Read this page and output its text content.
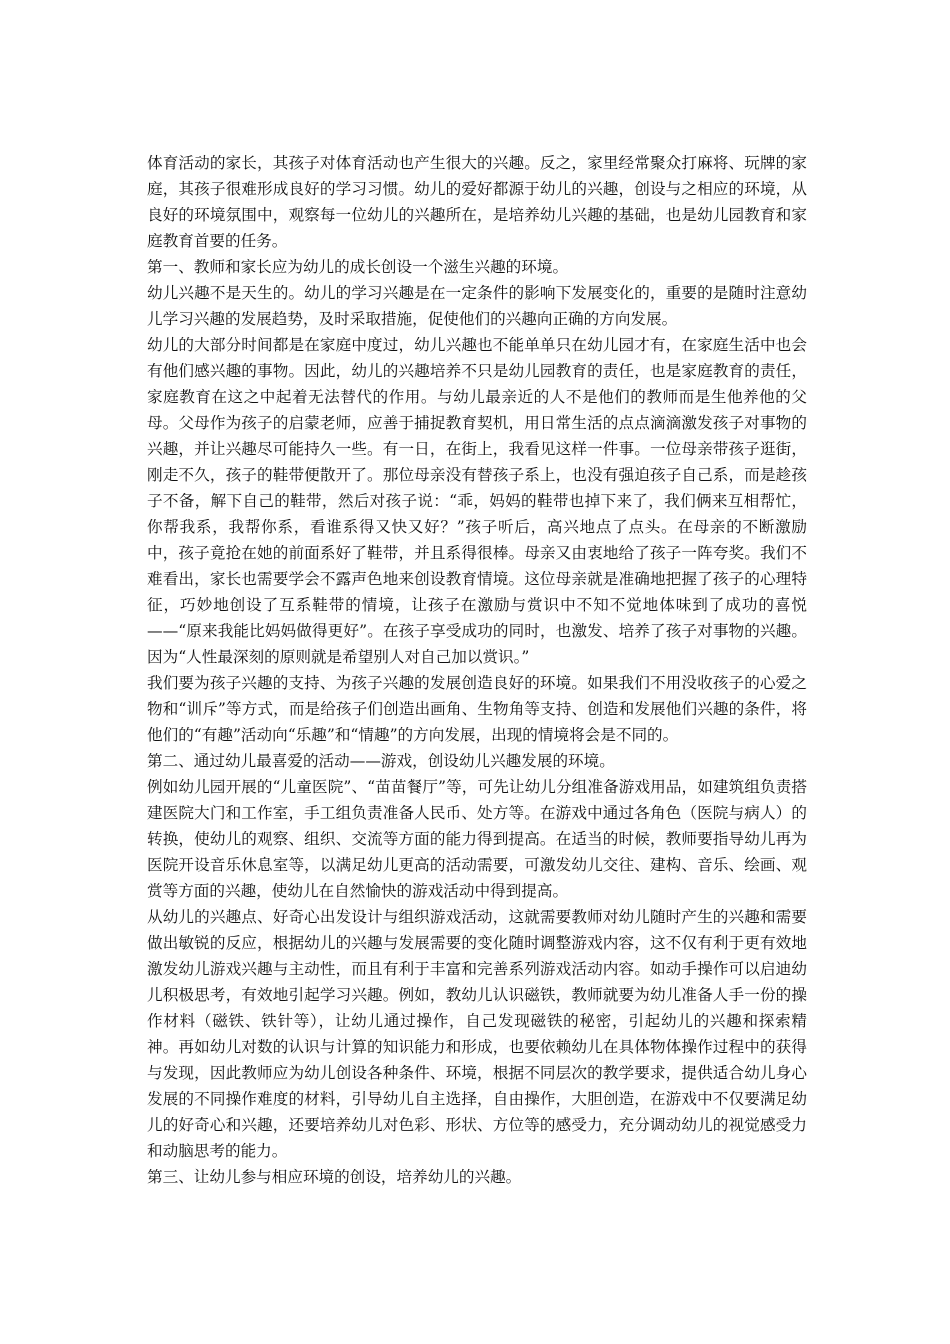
体育活动的家长，其孩子对体育活动也产生很大的兴趣。反之，家里经常聚众打麻将、玩牌的家庭，其孩子很难形成良好的学习习惯。幼儿的爱好都源于幼儿的兴趣，创设与之相应的环境，从良好的环境氛围中，观察每一位幼儿的兴趣所在，是培养幼儿兴趣的基础，也是幼儿园教育和家庭教育首要的任务。

第一、教师和家长应为幼儿的成长创设一个滋生兴趣的环境。

幼儿兴趣不是天生的。幼儿的学习兴趣是在一定条件的影响下发展变化的，重要的是随时注意幼儿学习兴趣的发展趋势，及时采取措施，促使他们的兴趣向正确的方向发展。

幼儿的大部分时间都是在家庭中度过，幼儿兴趣也不能单单只在幼儿园才有，在家庭生活中也会有他们感兴趣的事物。因此，幼儿的兴趣培养不只是幼儿园教育的责任，也是家庭教育的责任，家庭教育在这之中起着无法替代的作用。与幼儿最亲近的人不是他们的教师而是生他养他的父母。父母作为孩子的启蒙老师，应善于捕捉教育契机，用日常生活的点点滴滴激发孩子对事物的兴趣，并让兴趣尽可能持久一些。有一日，在街上，我看见这样一件事。一位母亲带孩子逛街，刚走不久，孩子的鞋带便散开了。那位母亲没有替孩子系上，也没有强迫孩子自己系，而是趁孩子不备，解下自己的鞋带，然后对孩子说：“乖，妈妈的鞋带也掉下来了，我们俩来互相帮忙，你帮我系，我帮你系，看谁系得又快又好？”孩子听后，高兴地点了点头。在母亲的不断激励中，孩子竟抢在她的前面系好了鞋带，并且系得很棒。母亲又由衷地给了孩子一阵夸奖。我们不难看出，家长也需要学会不露声色地来创设教育情境。这位母亲就是准确地把握了孩子的心理特征，巧妙地创设了互系鞋带的情境，让孩子在激励与赏识中不知不觉地体味到了成功的喜悦——“原来我能比妈妈做得更好”。在孩子享受成功的同时，也激发、培养了孩子对事物的兴趣。因为“人性最深刻的原则就是希望别人对自己加以赏识。”

我们要为孩子兴趣的支持、为孩子兴趣的发展创造良好的环境。如果我们不用没收孩子的心爱之物和“训斥”等方式，而是给孩子们创造出画角、生物角等支持、创造和发展他们兴趣的条件，将他们的“有趣”活动向“乐趣”和“情趣”的方向发展，出现的情境将会是不同的。

第二、通过幼儿最喜爱的活动——游戏，创设幼儿兴趣发展的环境。

例如幼儿园开展的“儿童医院”、“苗苗餐厅”等，可先让幼儿分组准备游戏用品，如建筑组负责搭建医院大门和工作室，手工组负责准备人民币、处方等。在游戏中通过各角色（医院与病人）的转换，使幼儿的观察、组织、交流等方面的能力得到提高。在适当的时候，教师要指导幼儿再为医院开设音乐休息室等，以满足幼儿更高的活动需要，可激发幼儿交往、建构、音乐、绘画、观赏等方面的兴趣，使幼儿在自然愉快的游戏活动中得到提高。

从幼儿的兴趣点、好奇心出发设计与组织游戏活动，这就需要教师对幼儿随时产生的兴趣和需要做出敏锐的反应，根据幼儿的兴趣与发展需要的变化随时调整游戏内容，这不仅有利于更有效地激发幼儿游戏兴趣与主动性，而且有利于丰富和完善系列游戏活动内容。如动手操作可以启迪幼儿积极思考，有效地引起学习兴趣。例如，教幼儿认识磁铁，教师就要为幼儿准备人手一份的操作材料（磁铁、铁针等），让幼儿通过操作，自己发现磁铁的秘密，引起幼儿的兴趣和探索精神。再如幼儿对数的认识与计算的知识能力和形成，也要依赖幼儿在具体物体操作过程中的获得与发现，因此教师应为幼儿创设各种条件、环境，根据不同层次的教学要求，提供适合幼儿身心发展的不同操作难度的材料，引导幼儿自主选择，自由操作，大胆创造，在游戏中不仅要满足幼儿的好奇心和兴趣，还要培养幼儿对色彩、形状、方位等的感受力，充分调动幼儿的视觉感受力和动脑思考的能力。

第三、让幼儿参与相应环境的创设，培养幼儿的兴趣。
